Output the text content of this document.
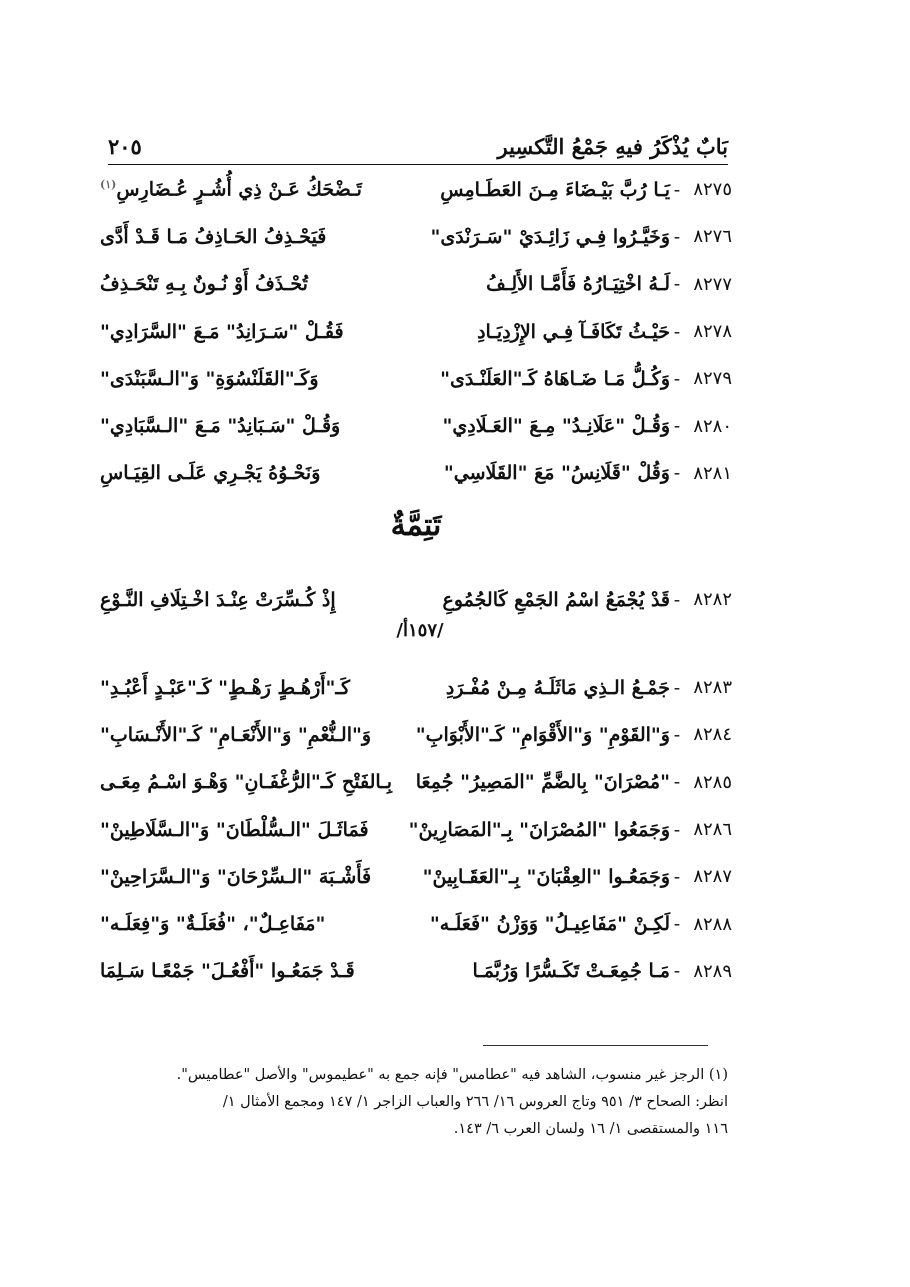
بَابٌ يُذْكَرُ فيهِ جَمْعُ التَّكسِير
٢٠٥
٨٢٧٥
-
يَـا رُبَّ بَيْـضَاءَ مِـنَ العَطَـامِسِ
تَـضْحَكُ عَـنْ ذِي أُشُـرٍ عُـضَارِسِ$^{(١)}$
٨٢٧٦
-
وَخَيَّـرُوا فِـي زَائِـدَيْ "سَـرَنْدَى"
فَيَحْـذِفُ الحَـاذِفُ مَـا قَـدْ أَدَّى
٨٢٧٧
-
لَـهُ اخْتِيَـارُهُ فَأَمَّـا الأَلِـفُ
تُحْـذَفُ أَوْ نُـونٌ بِـهِ تَنْحَـذِفُ
٨٢٧٨
-
حَيْـثُ تَكَافَـآ فِـي الإِزْدِيَـادِ
فَقُـلْ "سَـرَانِدُ" مَـعَ "السَّرَادِي"
٨٢٧٩
-
وَكُـلُّ مَـا ضَـاهَاهُ كَـ"العَلَنْـدَى"
وَكَـ"القَلَنْسُوَةِ" وَ"الـسَّبَنْدَى"
٨٢٨٠
-
وَقُـلْ "عَلَانِـدُ" مِـعَ "العَـلَادِي"
وَقُـلْ "سَـبَانِدُ" مَـعَ "الـسَّبَادِي"
٨٢٨١
-
وَقُلْ "قَلَانِسُ" مَعَ "القَلَاسِي"
وَنَحْـوُهُ يَجْـرِي عَلَـى القِيَـاسِ
تَتِمَّةٌ
٨٢٨٢
-
قَدْ يُجْمَعُ اسْمُ الجَمْعِ كَالجُمُوعِ
إِذْ كُـسِّرَتْ عِنْـدَ اخْـتِلَافِ النَّـوْعِ
/١٥٧أ/
٨٢٨٣
-
جَمْـعُ الـذِي مَاثَلَـهُ مِـنْ مُفْـرَدِ
كَـ"أَرْهُـطٍ رَهْـطٍ" كَـ"عَبْـدٍ أَعْبُـدِ"
٨٢٨٤
-
وَ"القَوْمِ" وَ"الأَقْوَامِ" كَـ"الأَبْوَابِ"
وَ"الـنُّعْمِ" وَ"الأَنْعَـامِ" كَـ"الأَنْـسَابِ"
٨٢٨٥
-
"مُصْرَانَ" بِالضَّمِّ "المَصِيرُ" جُمِعَا
بِـالفَتْحِ كَـ"الرُّغْفَـانِ" وَهْـوَ اسْـمُ مِعَـى
٨٢٨٦
-
وَجَمَعُوا "المُصْرَانَ" بِـ"المَصَارِينْ"
فَمَاثَـلَ "الـسُّلْطَانَ" وَ"الـسَّلَاطِينْ"
٨٢٨٧
-
وَجَمَعُـوا "العِقْبَانَ" بِـ"العَقَـابِينْ"
فَأَشْـبَهَ "الـسِّرْحَانَ" وَ"الـسَّرَاحِينْ"
٨٢٨٨
-
لَكِـنْ "مَفَاعِيـلُ" وَوَزْنُ "فَعَلَـه"
"مَفَاعِـلٌ"، "فُعَلَـةٌ" وَ"فِعَلَـه"
٨٢٨٩
-
مَـا جُمِعَـتْ تَكَـسُّرًا وَرُبَّمَـا
قَـدْ جَمَعُـوا "أَفْعُـلَ" جَمْعًـا سَـلِمَا
(١) الرجز غير منسوب، الشاهد فيه "عطامس" فإنه جمع به "عطيموس" والأصل "عطاميس".
انظر: الصحاح ٣/ ٩٥١ وتاج العروس ١٦/ ٢٦٦ والعباب الزاجر ١/ ١٤٧ ومجمع الأمثال ١/
١١٦ والمستقصى ١/ ١٦ ولسان العرب ٦/ ١٤٣.
